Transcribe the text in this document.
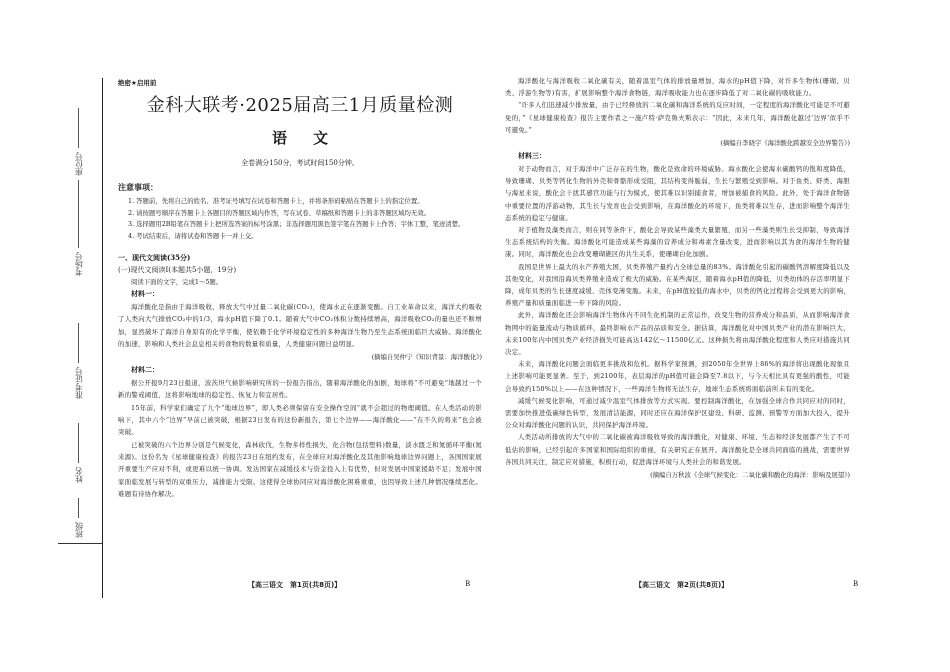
座位号
考场号
准考证号
姓名
班级

绝密★启用前

金科大联考·2025届高三1月质量检测
语文

全卷满分150分，考试时间150分钟。

注意事项：

1. 答题前，先将自己的姓名、准考证号填写在试卷和答题卡上，并将条形码粘贴在答题卡上的指定位置。

2. 请按题号顺序在答题卡上各题目的答题区域内作答，写在试卷、草稿纸和答题卡上的非答题区域均无效。

3. 选择题用2B铅笔在答题卡上把所选答案的标号涂黑；非选择题用黑色签字笔在答题卡上作答；字体工整，笔迹清楚。

4. 考试结束后，请将试卷和答题卡一并上交。

一、现代文阅读(35分)

(一)现代文阅读Ⅰ(本题共5小题，19分)

阅读下面的文字，完成1～5题。

材料一：

海洋酸化是指由于海洋吸收、释放大气中过量二氧化碳(CO₂)，使海水正在逐渐变酸。自工业革命以来，海洋大约吸收了人类向大气排放CO₂中的1/3，海水pH值下降了0.1。随着大气中CO₂体积分数持续增高，海洋吸收CO₂的量也还不断增加，显然破坏了海洋自身原有的化学平衡，使依赖于化学环境稳定性的多种海洋生物乃至生态系统面临巨大威胁。海洋酸化的加速，影响和人类社会息息相关的食物的数量和质量，人类健康问题日益明显。

(摘编自吴仲宁《知识背景：海洋酸化》)

材料二：

据公开报9月23日报道，波茨坦气候影响研究所的一份报告指出，随着海洋酸化的加剧，地球将“不可避免”地越过一个新的警戒阈值，这将影响地球的稳定性、恢复力和宜居性。

15年前，科学家们确定了九个“地球边界”，即人类必须保留在安全操作空间“就不会超过的物理阈值。在人类活动的影响下，其中六个“边界”早前已被突破，根据23日发布的这份新报告，第七个边界——海洋酸化——“在不久的将来”也会被突破。

已被突破的六个边界分别是气候变化，森林砍伐，生物多样性损失，化合物(包括塑料)数量，淡水匮乏和氮循环平衡(氮来源)。这份名为《星球健康检查》的报告23日在纽约发布，在全球应对海洋酸化及其他影响地球边界问题上，各国国家展开重要生产应对不利，或更难以统一协调。发达国家在减缓技术与资金投入上有优势，但对发展中国家援助不足；发展中国家面临发展与转型的双重压力，减排能力受限。这使得全球协同应对海洋酸化困难重重，也因导致上述几种情况继续恶化。难题有待协作解决。

【高三语文　第1页(共8页)】	B

海洋酸化与海洋吸收二氧化碳有关，随着温室气体的排放量增加，海水的pH值下降，对许多生物体(珊瑚、贝类、浮游生物等)有害，扩展影响整个海洋食物链，海洋吸收能力也在逐步降低了对二氧化碳的吸收能力。

“许多人们迅速减少排放量，由于已经释放的二氧化碳和海洋系统的反应时间，一定程度的海洋酸化可能是不可避免的，”《星球健康检查》报告主要作者之一施卢特·萨克鲁夫斯表示：“因此，未来几年，海洋酸化越过‘边界’似乎不可避免。”

(摘编自李晓宇《海洋酸化跨越安全边界警告》)

材料三：

对于动物而言，对于海洋中广泛存在的生物，酸化是致命的环境威胁。海水酸化会使海水碳酸钙的饱和度降低，导致珊瑚、贝类等钙化生物的外壳和骨骼形成受阻，其结构变得脆弱，生长与繁殖受到影响。对于鱼类、虾类、海胆与海星来说，酸化会干扰其感官功能与行为模式，使其难以识别捕食者，增加被捕食的风险。此外，处于海洋食物链中重要位置的浮游动物，其生长与发育也会受到影响，在海洋酸化的环境下，鱼类将难以生存，进而影响整个海洋生态系统的稳定与健康。

对于植物及藻类而言，则在同等条件下，酸化会导致某些藻类大量繁殖，而另一些藻类则生长受抑制，导致海洋生态系统结构的失衡。海洋酸化可能造成某些海藻的营养成分和毒素含量改变，进而影响以其为食的海洋生物的健康。同时，海洋酸化也会改变珊瑚礁区的共生关系，使珊瑚白化加剧。

我国是世界上最大的水产养殖大国，贝类养殖产量约占全球总量的83%。海洋酸化引起的碳酸钙溶解度降低以及其他变化，对我国沿海贝类养殖业造成了极大的威胁。在某些海区，随着海水pH值的降低，贝类幼体的存活率明显下降，成年贝类的生长速度减缓、壳体变薄变脆。未来，在pH值较低的海水中，贝类的钙化过程将会受到更大的影响，养殖产量和质量面临进一步下降的风险。

此外，海洋酸化还会影响海洋生物体内不同生化机制的正常运作，改变生物的营养成分和品质，从而影响海洋食物网中的能量流动与物质循环，最终影响水产品的品质和安全。据估算，海洋酸化对中国贝类产业的潜在影响巨大，未来100年内中国贝类产业经济损失可能高达142亿～11500亿元。这种损失将由海洋酸化程度和人类应对措施共同决定。

未来，海洋酸化问题会面临更多挑战和危机。据科学家预测，到2050年全世界上86%的海洋将出现酸化现象且上述影响可能更显著。至于，到2100年，表层海洋的pH值可能会降至7.8以下，与今天相比具有更强的酸性，可能会导致约150%以上——在这种情况下，一些海洋生物将无法生存，地球生态系统将面临前所未有的变化。

减缓气候变化影响，可通过减少温室气体排放等方式实现。要控制海洋酸化，在加强全球合作共同应对的同时，需要加快推进低碳绿色转型，发展清洁能源，同时还应在海洋保护区建设、科研、监测、预警等方面加大投入，提升公众对海洋酸化问题的认识，共同保护海洋环境。

人类活动所排放的大气中的二氧化碳被海洋吸收导致的海洋酸化，对健康、环境、生态和经济发展都产生了不可低估的影响，已经引起许多国家和国际组织的重视，有关研究正在展开。海洋酸化是全球共同面临的挑战，需要世界各国共同关注，制定应对措施，积极行动，促进海洋环境与人类社会的和谐发展。

(摘编自万秋波《全球气候变化：二氧化碳和酸化的海洋：影响及展望》)

【高三语文　第2页(共8页)】	B
